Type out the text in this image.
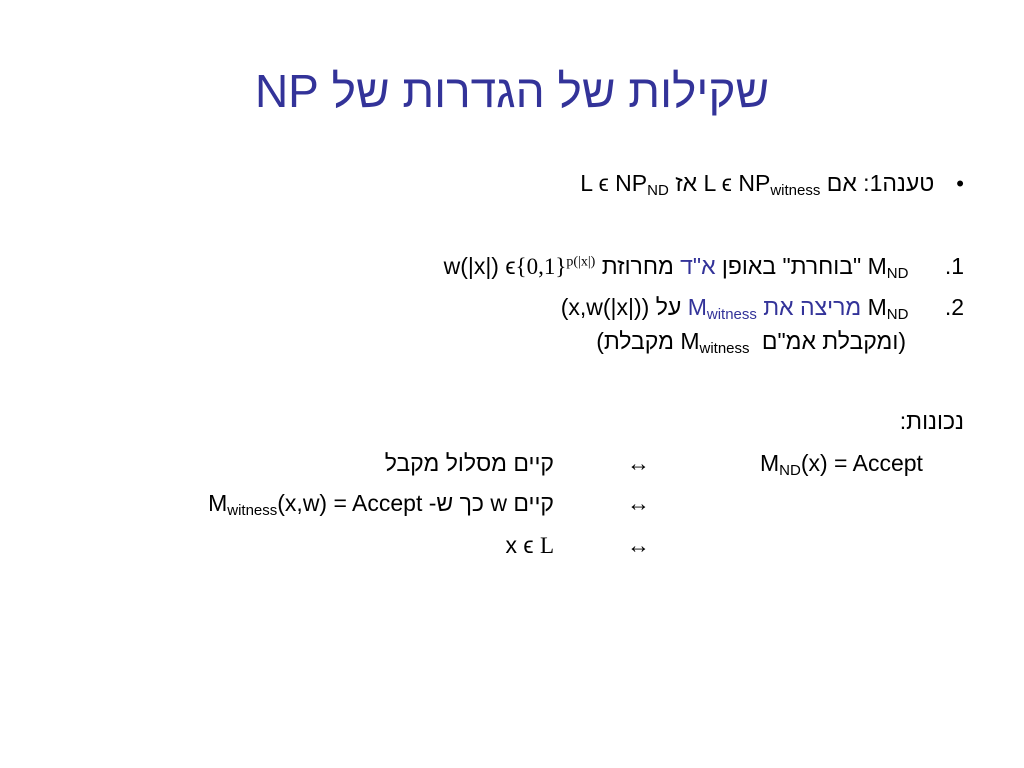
שקילות של הגדרות של NP
•טענה1: אם L ϵ $NP_{witness}$ אז L ϵ $NP_{ND}$
1. $M_{ND}$ "בוחרת" באופן א"ד מחרוזת w(|x|) $\epsilon\{0,1\}^{p(|x|)}$
2. $M_{ND}$ מריצה את $M_{witness}$ על (x,w(|x|))
(ומקבלת אמ"ם $M_{witness}$ מקבלת)
נכונות:
$M_{ND}(x)$ = Accept
↔
↔
↔
קיים מסלול מקבל
קיים w כך ש- $M_{witness}(x,w)$ = Accept
x ϵ L
